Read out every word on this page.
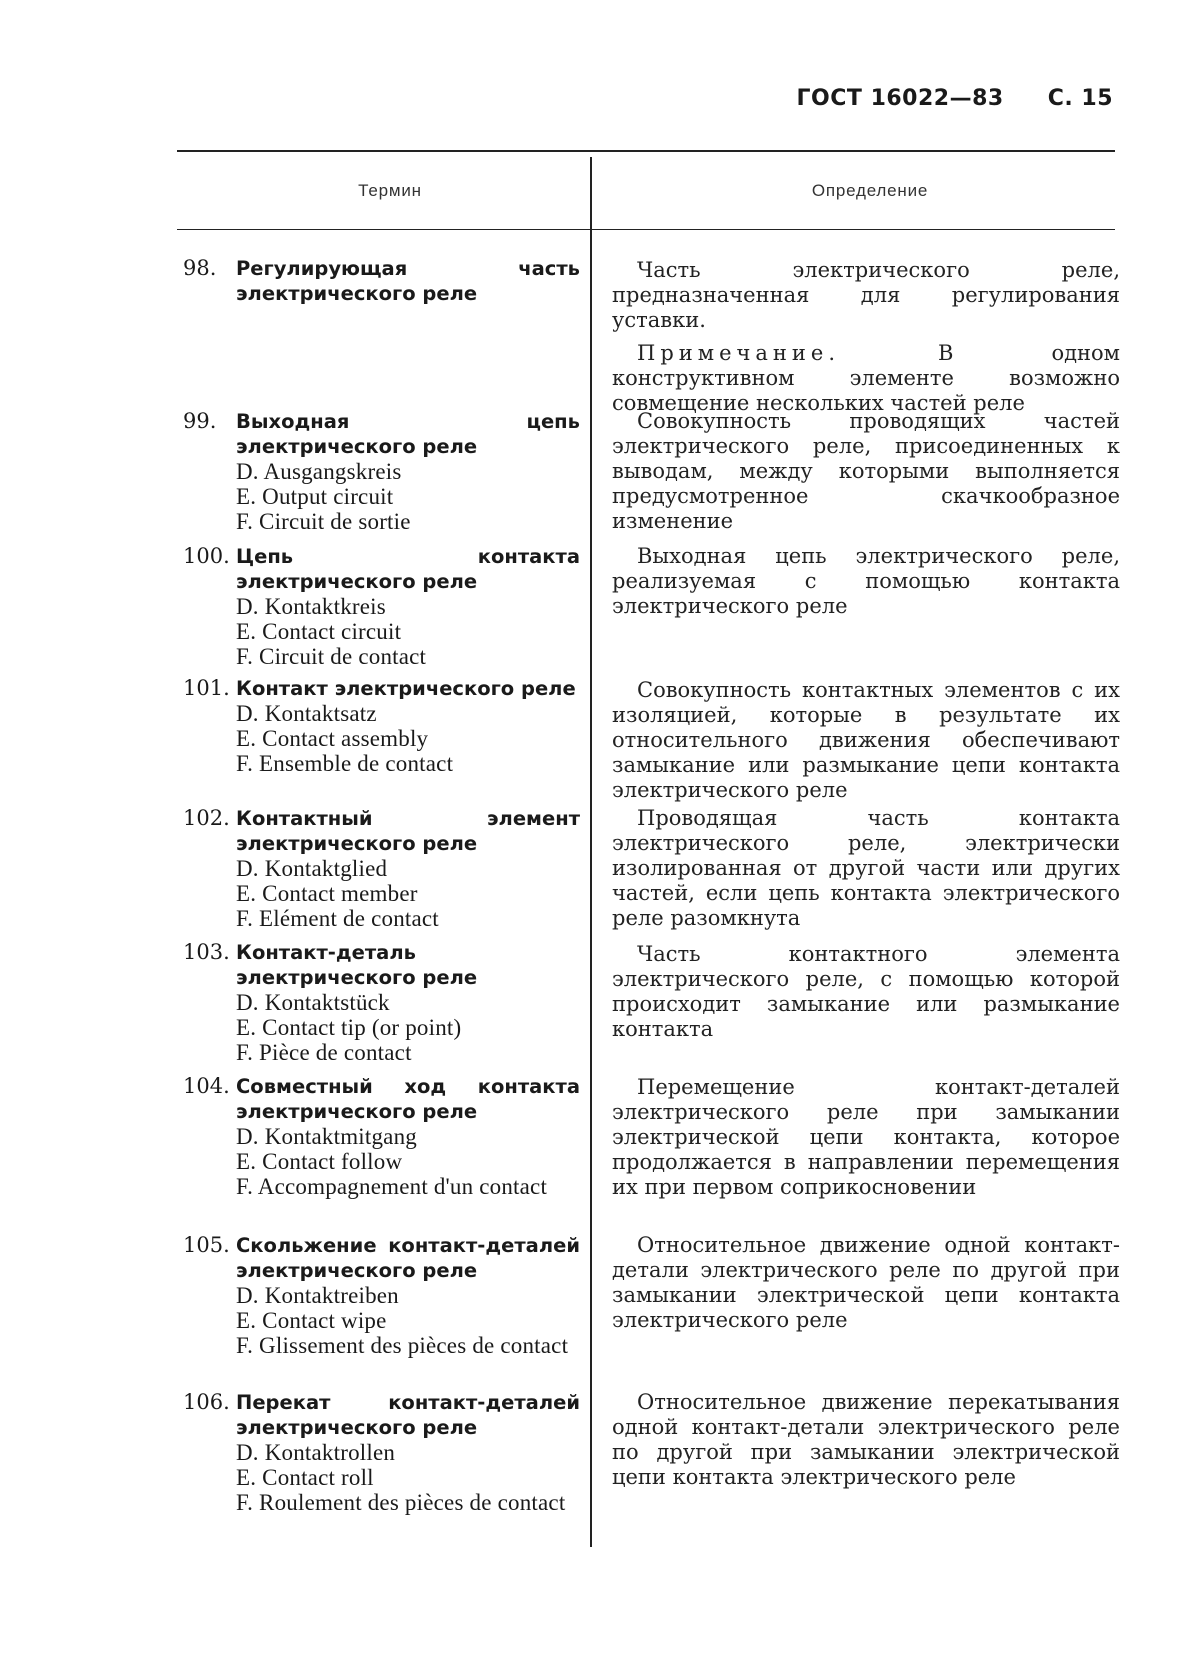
ГОСТ 16022—83 С. 15
Термин	Определение
98. Регулирующая часть электрического реле
Часть электрического реле, предназначенная для регулирования уставки.
Примечание.	В одном конструктивном элементе возможно совмещение нескольких частей реле
99. Выходная цепь электрического реле
D. Ausgangskreis
E. Output circuit
F. Circuit de sortie
Совокупность проводящих частей электрического реле, присоединенных к выводам, между которыми выполняется предусмотренное скачкообразное изменение
100. Цепь контакта электрического реле
D. Kontaktkreis
E. Contact circuit
F. Circuit de contact
Выходная цепь электрического реле, реализуемая с помощью контакта электрического реле
101. Контакт электрического реле
D. Kontaktsatz
E. Contact assembly
F. Ensemble de contact
Совокупность контактных элементов с их изоляцией, которые в результате их относительного движения обеспечивают замыкание или размыкание цепи контакта электрического реле
102. Контактный элемент электрического реле
D. Kontaktglied
E. Contact member
F. Elément de contact
Проводящая часть контакта электрического реле, электрически изолированная от другой части или других частей, если цепь контакта электрического реле разомкнута
103. Контакт-деталь электрического реле
D. Kontaktstück
E. Contact tip (or point)
F. Pièce de contact
Часть контактного элемента электрического реле, с помощью которой происходит замыкание или размыкание контакта
104. Совместный ход контакта электрического реле
D. Kontaktmitgang
E. Contact follow
F. Accompagnement d'un contact
Перемещение контакт-деталей электрического реле при замыкании электрической цепи контакта, которое продолжается в направлении перемещения их при первом соприкосновении
105. Скольжение контакт-деталей электрического реле
D. Kontaktreiben
E. Contact wipe
F. Glissement des pièces de contact
Относительное движение одной контакт-детали электрического реле по другой при замыкании электрической цепи контакта электрического реле
106. Перекат контакт-деталей электрического реле
D. Kontaktrollen
E. Contact roll
F. Roulement des pièces de contact
Относительное движение перекатывания одной контакт-детали электрического реле по другой при замыкании электрической цепи контакта электрического реле
